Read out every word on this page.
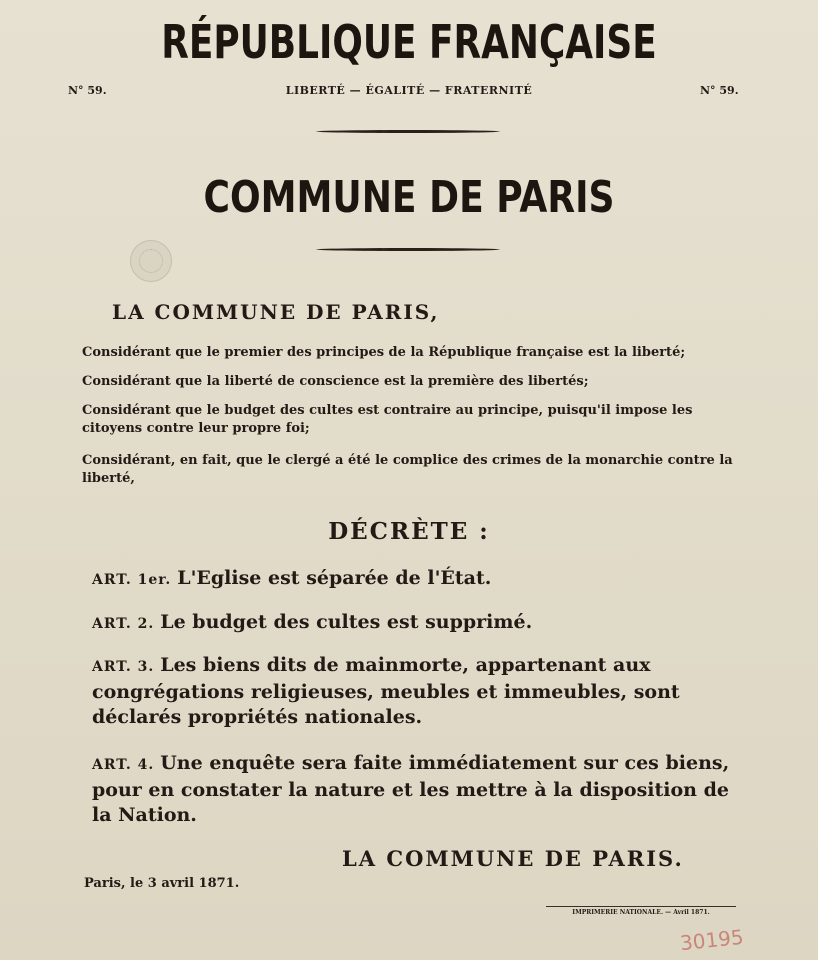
RÉPUBLIQUE FRANÇAISE
N° 59.	LIBERTÉ — ÉGALITÉ — FRATERNITÉ	N° 59.
COMMUNE DE PARIS
LA COMMUNE DE PARIS,
Considérant que le premier des principes de la République française est la liberté;
Considérant que la liberté de conscience est la première des libertés;
Considérant que le budget des cultes est contraire au principe, puisqu'il impose les citoyens contre leur propre foi;
Considérant, en fait, que le clergé a été le complice des crimes de la monarchie contre la liberté,
DÉCRÈTE :
ART. 1er. L'Eglise est séparée de l'État.
ART. 2. Le budget des cultes est supprimé.
ART. 3. Les biens dits de mainmorte, appartenant aux congrégations religieuses, meubles et immeubles, sont déclarés propriétés nationales.
ART. 4. Une enquête sera faite immédiatement sur ces biens, pour en constater la nature et les mettre à la disposition de la Nation.
LA COMMUNE DE PARIS.
Paris, le 3 avril 1871.
IMPRIMERIE NATIONALE. — Avril 1871.
30195
